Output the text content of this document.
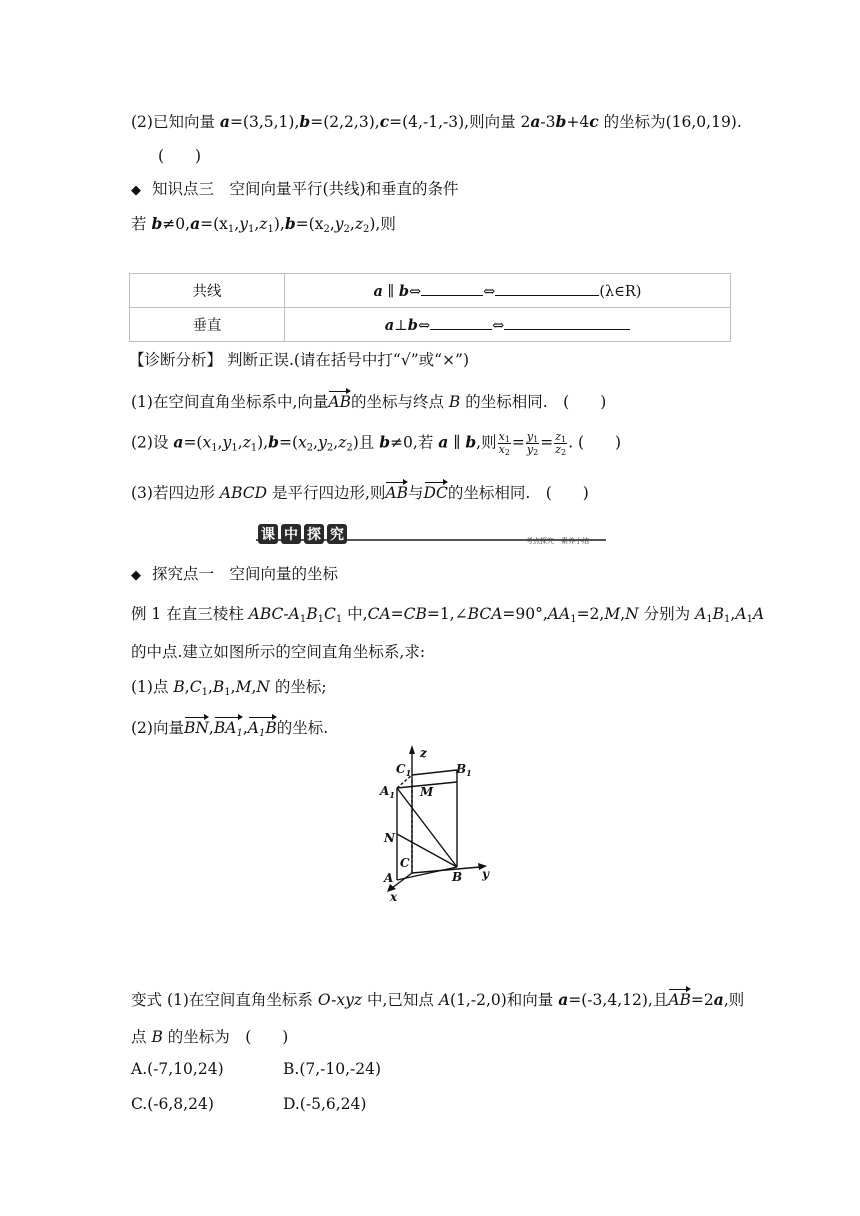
(2)已知向量 a=(3,5,1),b=(2,2,3),c=(4,-1,-3),则向量 2a-3b+4c 的坐标为(16,0,19).
(　　)
◆ 知识点三　空间向量平行(共线)和垂直的条件
若 $b\ne 0,a=(x_1,y_1,z_1),b=(x_2,y_2,z_2)$,则
共线	a ∥ b⇔ ⇔ (λ∈R)
垂直	a⊥b⇔ ⇔
【诊断分析】 判断正误.(请在括号中打“√”或“×”)
(1)在空间直角坐标系中,向量AB的坐标与终点 B 的坐标相同.　(　　)
(2)设 $a=(x_1,y_1,z_1),b=(x_2,y_2,z_2)$且 b≠0,若 a ∥ b,则 $\frac{x_1}{x_2} = \frac{y_1}{y_2} = \frac{z_1}{z_2}$ . (　　)
(3)若四边形 ABCD 是平行四边形,则AB与DC的坐标相同.　(　　)
课 中 探 究	考点探究　素养小结
◆ 探究点一　空间向量的坐标
例 1 在直三棱柱 ABC-$A_1B_1C_1$ 中$,CA=CB=1,\angle BCA=90^\circ,AA_1=2,M,N$ 分别为 $A_1B_1,A_1A$
的中点.建立如图所示的空间直角坐标系,求:
(1)点 $B,C_1,B_1,M,N$ 的坐标;
(2)向量$BN,BA_1,A_1B$的坐标.
z
y
x
$C_1$	$B_1$
$A_1$ M
N
C
A	B
变式 (1)在空间直角坐标系 O-xyz 中,已知点 A(1,-2,0)和向量 a=(-3,4,12),且AB=2a,则
点 B 的坐标为　(　　)
A.(-7,10,24)	B.(7,-10,-24)
C.(-6,8,24)	D.(-5,6,24)
